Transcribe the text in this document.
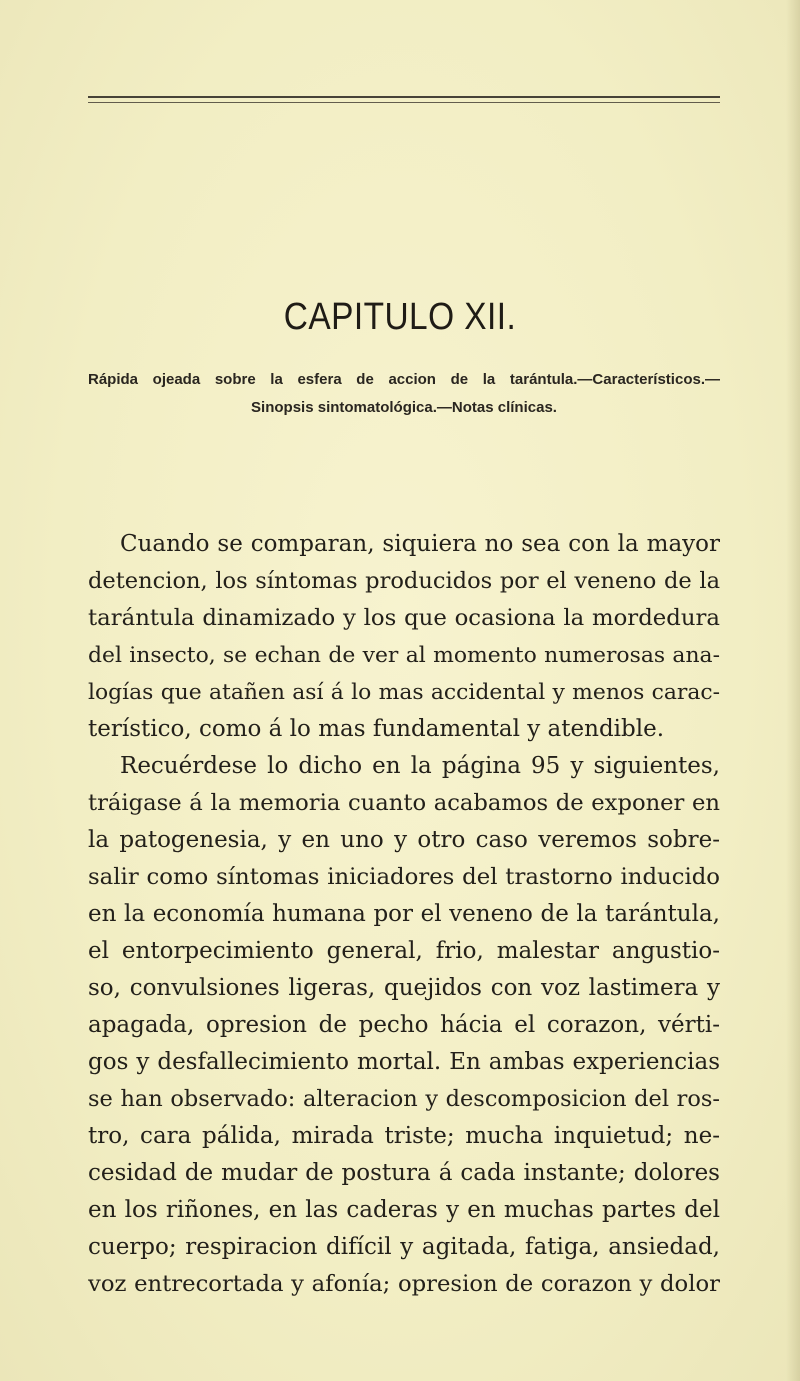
CAPITULO XII.
Rápida ojeada sobre la esfera de accion de la tarántula.—Característicos.—
Sinopsis sintomatológica.—Notas clínicas.
Cuando se comparan, siquiera no sea con la mayor
detencion, los síntomas producidos por el veneno de la
tarántula dinamizado y los que ocasiona la mordedura
del insecto, se echan de ver al momento numerosas ana-
logías que atañen así á lo mas accidental y menos carac-
terístico, como á lo mas fundamental y atendible.
Recuérdese lo dicho en la página 95 y siguientes,
tráigase á la memoria cuanto acabamos de exponer en
la patogenesia, y en uno y otro caso veremos sobre-
salir como síntomas iniciadores del trastorno inducido
en la economía humana por el veneno de la tarántula,
el entorpecimiento general, frio, malestar angustio-
so, convulsiones ligeras, quejidos con voz lastimera y
apagada, opresion de pecho hácia el corazon, vérti-
gos y desfallecimiento mortal. En ambas experiencias
se han observado: alteracion y descomposicion del ros-
tro, cara pálida, mirada triste; mucha inquietud; ne-
cesidad de mudar de postura á cada instante; dolores
en los riñones, en las caderas y en muchas partes del
cuerpo; respiracion difícil y agitada, fatiga, ansiedad,
voz entrecortada y afonía; opresion de corazon y dolor
